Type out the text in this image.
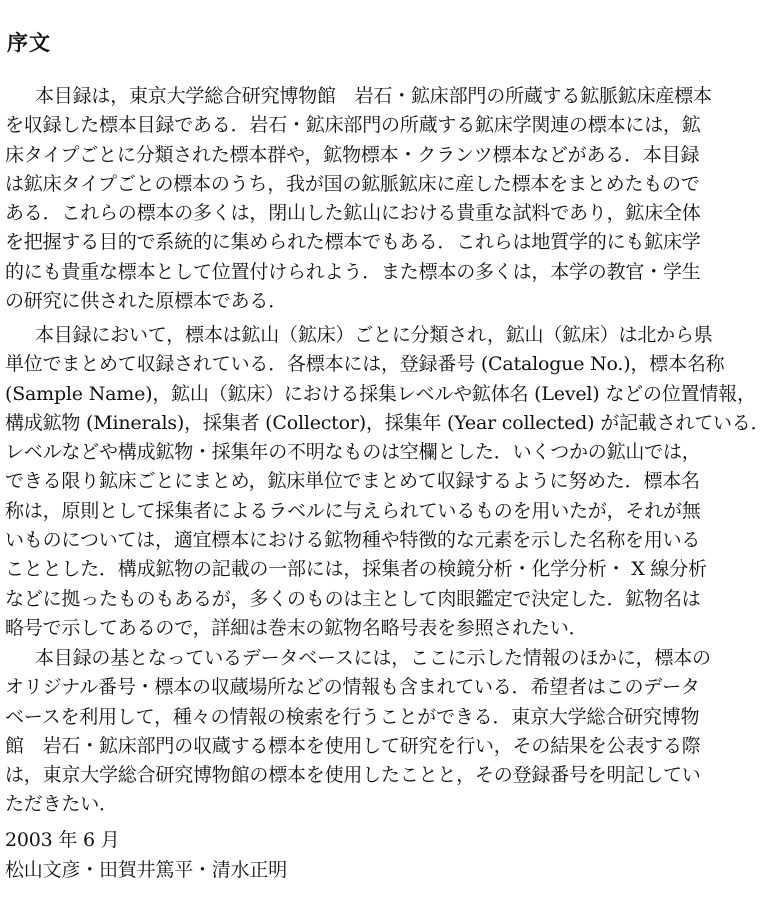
序文
本目録は，東京大学総合研究博物館　岩石・鉱床部門の所蔵する鉱脈鉱床産標本
を収録した標本目録である．岩石・鉱床部門の所蔵する鉱床学関連の標本には，鉱
床タイプごとに分類された標本群や，鉱物標本・クランツ標本などがある．本目録
は鉱床タイプごとの標本のうち，我が国の鉱脈鉱床に産した標本をまとめたもので
ある．これらの標本の多くは，閉山した鉱山における貴重な試料であり，鉱床全体
を把握する目的で系統的に集められた標本でもある．これらは地質学的にも鉱床学
的にも貴重な標本として位置付けられよう．また標本の多くは，本学の教官・学生
の研究に供された原標本である．
本目録において，標本は鉱山（鉱床）ごとに分類され，鉱山（鉱床）は北から県
単位でまとめて収録されている．各標本には，登録番号 (Catalogue No.)，標本名称
(Sample Name)，鉱山（鉱床）における採集レベルや鉱体名 (Level) などの位置情報，
構成鉱物 (Minerals)，採集者 (Collector)，採集年 (Year collected) が記載されている．
レベルなどや構成鉱物・採集年の不明なものは空欄とした．いくつかの鉱山では，
できる限り鉱床ごとにまとめ，鉱床単位でまとめて収録するように努めた．標本名
称は，原則として採集者によるラベルに与えられているものを用いたが，それが無
いものについては，適宜標本における鉱物種や特徴的な元素を示した名称を用いる
こととした．構成鉱物の記載の一部には，採集者の検鏡分析・化学分析・ X 線分析
などに拠ったものもあるが，多くのものは主として肉眼鑑定で決定した．鉱物名は
略号で示してあるので，詳細は巻末の鉱物名略号表を参照されたい．
本目録の基となっているデータベースには，ここに示した情報のほかに，標本の
オリジナル番号・標本の収蔵場所などの情報も含まれている．希望者はこのデータ
ベースを利用して，種々の情報の検索を行うことができる．東京大学総合研究博物
館　岩石・鉱床部門の収蔵する標本を使用して研究を行い，その結果を公表する際
は，東京大学総合研究博物館の標本を使用したことと，その登録番号を明記してい
ただきたい．
2003 年 6 月
松山文彦・田賀井篤平・清水正明
